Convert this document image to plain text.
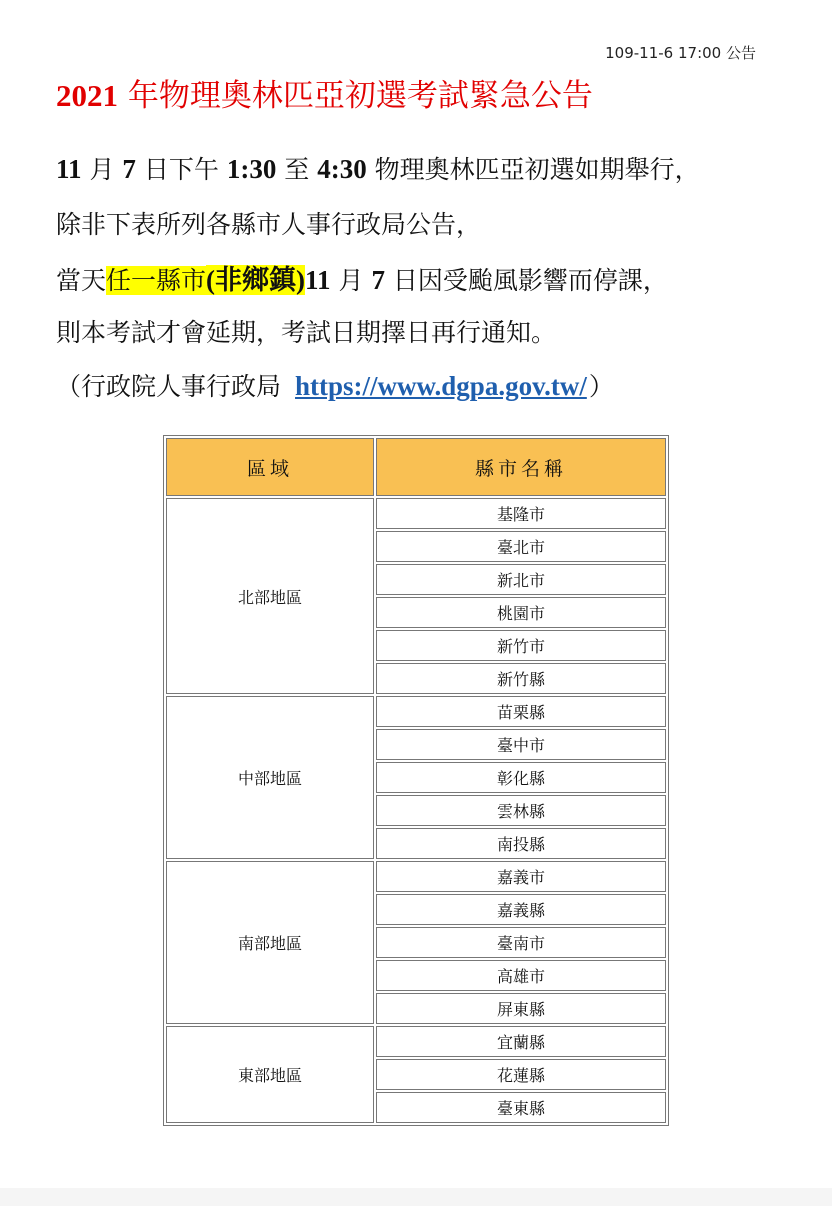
109-11-6 17:00 公告
2021 年物理奧林匹亞初選考試緊急公告
11 月 7 日下午 1:30 至 4:30 物理奧林匹亞初選如期舉行，
除非下表所列各縣市人事行政局公告，
當天任一縣市(非鄉鎮)11 月 7 日因受颱風影響而停課，
則本考試才會延期，考試日期擇日再行通知。
（行政院人事行政局 https://www.dgpa.gov.tw/）
區域	縣市名稱
北部地區	基隆市
	臺北市
	新北市
	桃園市
	新竹市
	新竹縣
中部地區	苗栗縣
	臺中市
	彰化縣
	雲林縣
	南投縣
南部地區	嘉義市
	嘉義縣
	臺南市
	高雄市
	屏東縣
東部地區	宜蘭縣
	花蓮縣
	臺東縣
